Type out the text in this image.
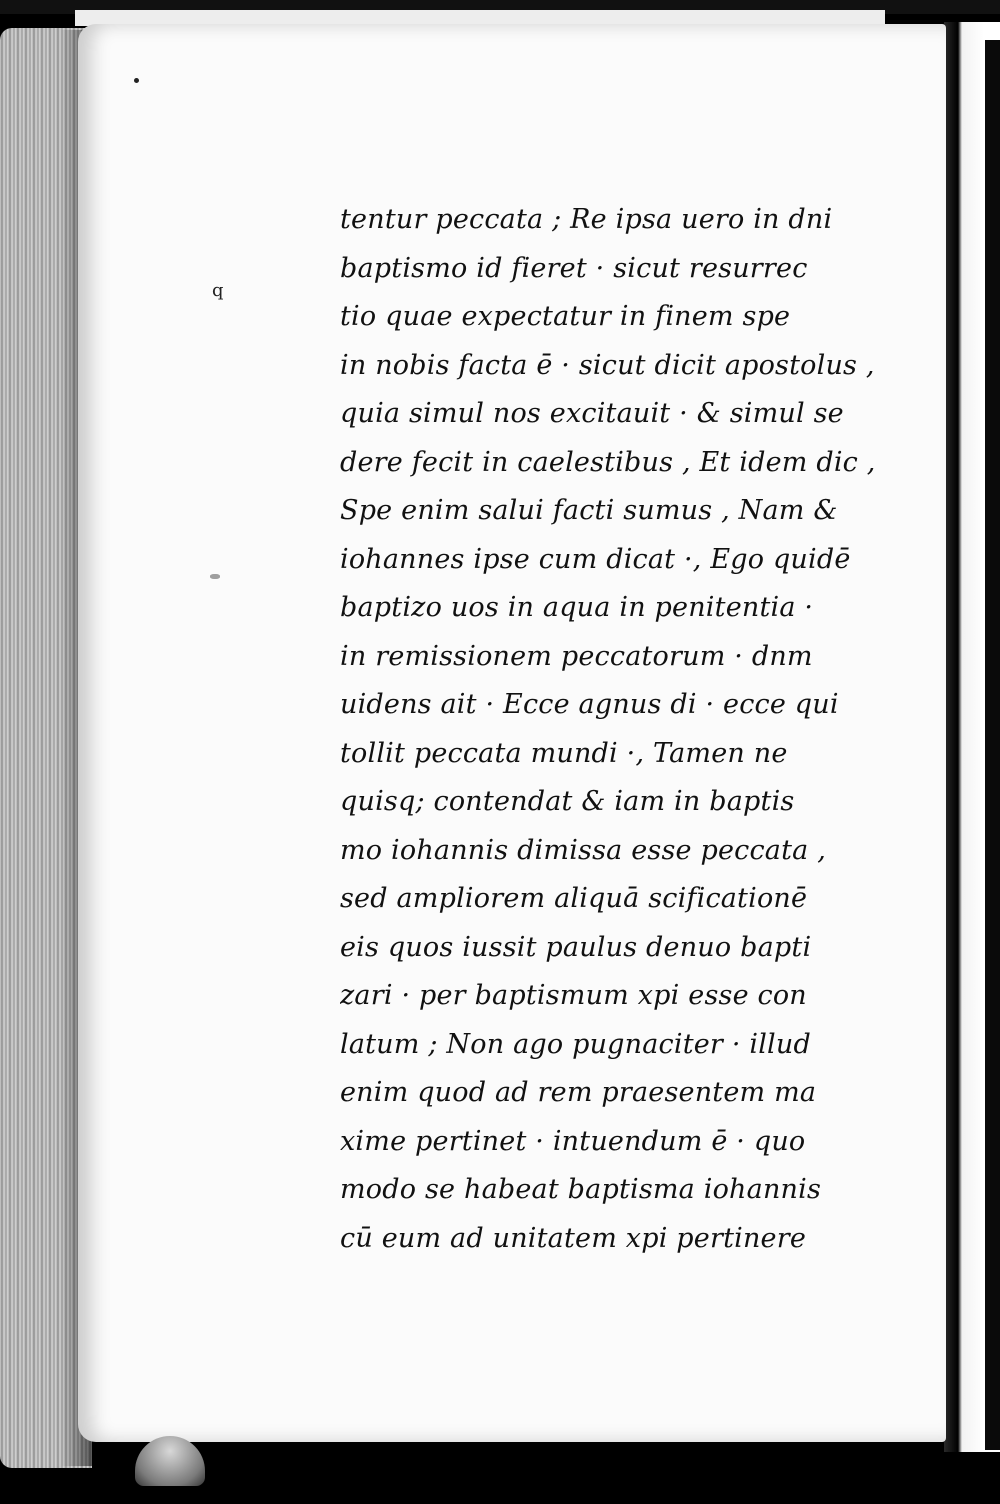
q
tentur peccata ; Re ipsa uero in dni
baptismo id fieret · sicut resurrec
tio quae expectatur in finem spe
in nobis facta ē · sicut dicit apostolus ,
quia simul nos excitauit · & simul se
dere fecit in caelestibus , Et idem dic ,
Spe enim salui facti sumus , Nam &
iohannes ipse cum dicat ·, Ego quidē
baptizo uos in aqua in penitentia ·
in remissionem peccatorum · dnm
uidens ait · Ecce agnus di · ecce qui
tollit peccata mundi ·, Tamen ne
quisq; contendat & iam in baptis
mo iohannis dimissa esse peccata ,
sed ampliorem aliquā scificationē
eis quos iussit paulus denuo bapti
zari · per baptismum xpi esse con
latum ; Non ago pugnaciter · illud
enim quod ad rem praesentem ma
xime pertinet · intuendum ē · quo
modo se habeat baptisma iohannis
cū eum ad unitatem xpi pertinere
